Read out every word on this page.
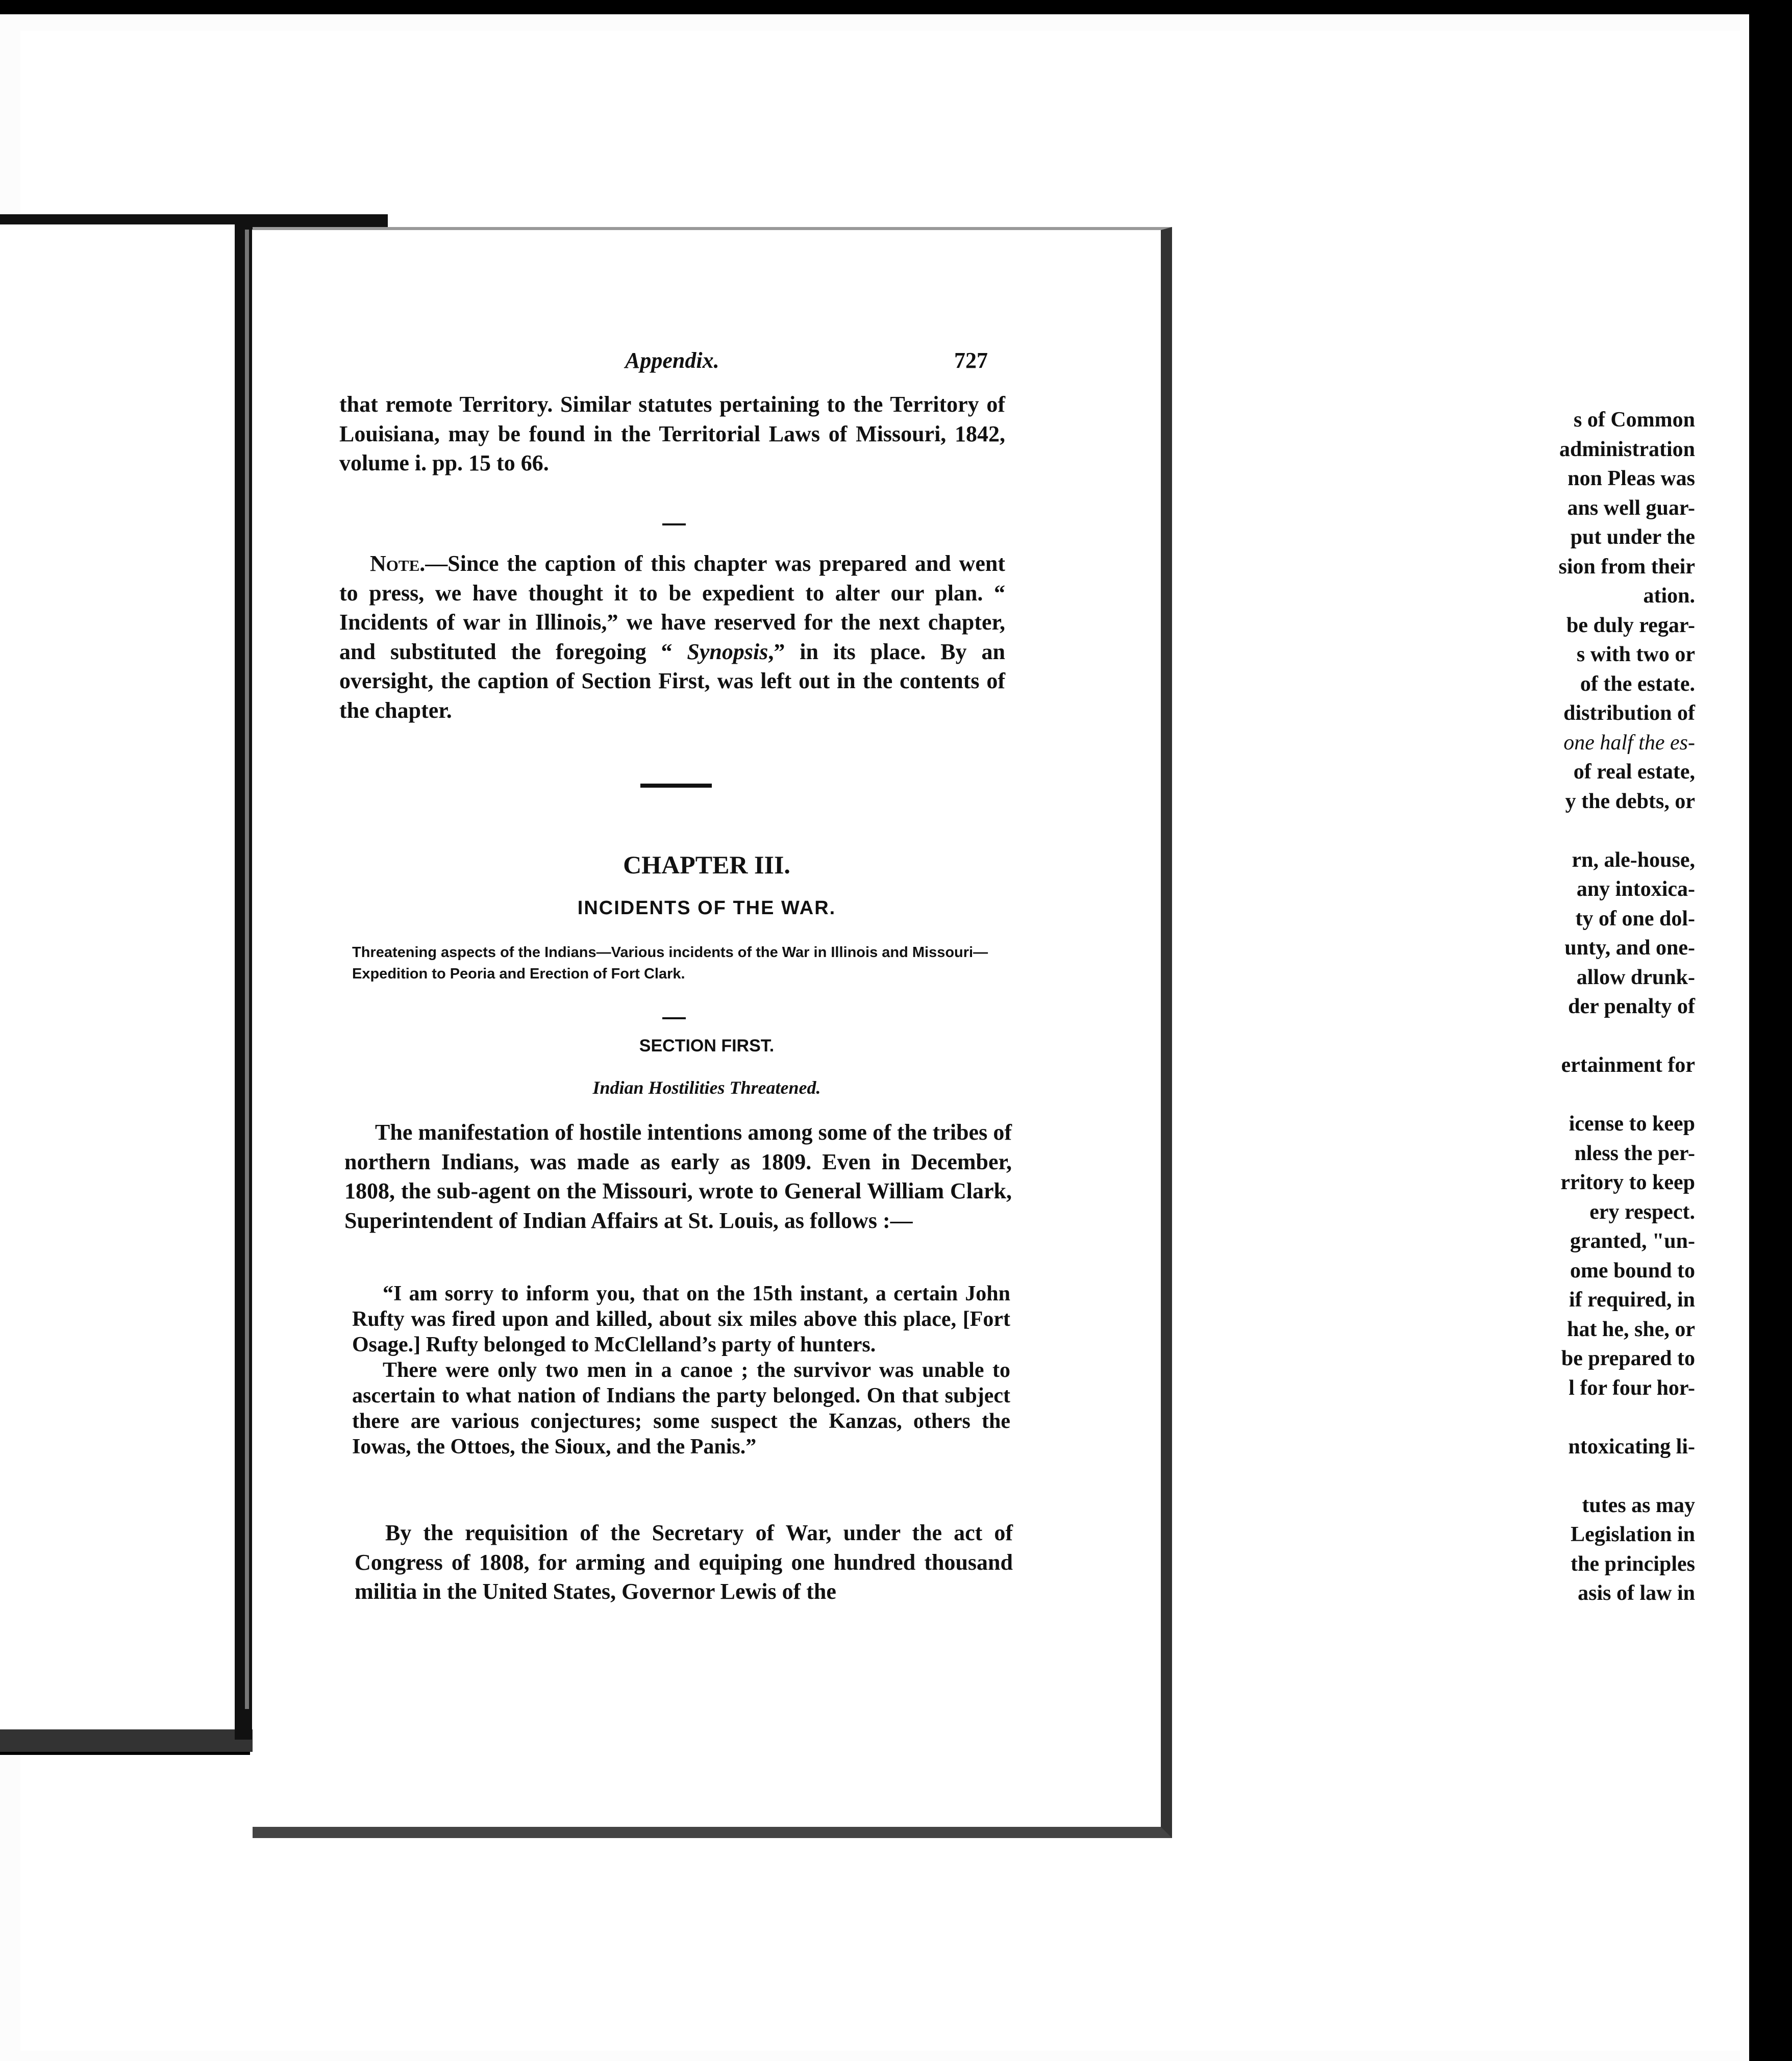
s of Common
administration
non Pleas was
ans well guar-
put under the
sion from their
ation.
be duly regar-
s with two or
of the estate.
distribution of
one half the es-
of real estate,
y the debts, or

rn, ale-house,
any intoxica-
ty of one dol-
unty, and one-
allow drunk-
der penalty of

ertainment for

icense to keep
nless the per-
rritory to keep
ery respect.
granted, "un-
ome bound to
if required, in
hat he, she, or
be prepared to
l for four hor-

ntoxicating li-

tutes as may
Legislation in
the principles
asis of law in
Appendix.	727

that remote Territory. Similar statutes pertaining to the Territory of Louisiana, may be found in the Territorial Laws of Missouri, 1842, volume i. pp. 15 to 66.

Note.—Since the caption of this chapter was prepared and went to press, we have thought it to be expedient to alter our plan. “ Incidents of war in Illinois,” we have reserved for the next chapter, and substituted the foregoing “ Synopsis,” in its place. By an oversight, the caption of Section First, was left out in the contents of the chapter.

CHAPTER III.
INCIDENTS OF THE WAR.
Threatening aspects of the Indians—Various incidents of the War in Illinois and Missouri—Expedition to Peoria and Erection of Fort Clark.
SECTION FIRST.
Indian Hostilities Threatened.

The manifestation of hostile intentions among some of the tribes of northern Indians, was made as early as 1809. Even in December, 1808, the sub-agent on the Missouri, wrote to General William Clark, Superintendent of Indian Affairs at St. Louis, as follows :—

“I am sorry to inform you, that on the 15th instant, a certain John Rufty was fired upon and killed, about six miles above this place, [Fort Osage.] Rufty belonged to McClelland’s party of hunters.

There were only two men in a canoe ; the survivor was unable to ascertain to what nation of Indians the party belonged. On that subject there are various conjectures; some suspect the Kanzas, others the Iowas, the Ottoes, the Sioux, and the Panis.”

By the requisition of the Secretary of War, under the act of Congress of 1808, for arming and equiping one hundred thousand militia in the United States, Governor Lewis of the
